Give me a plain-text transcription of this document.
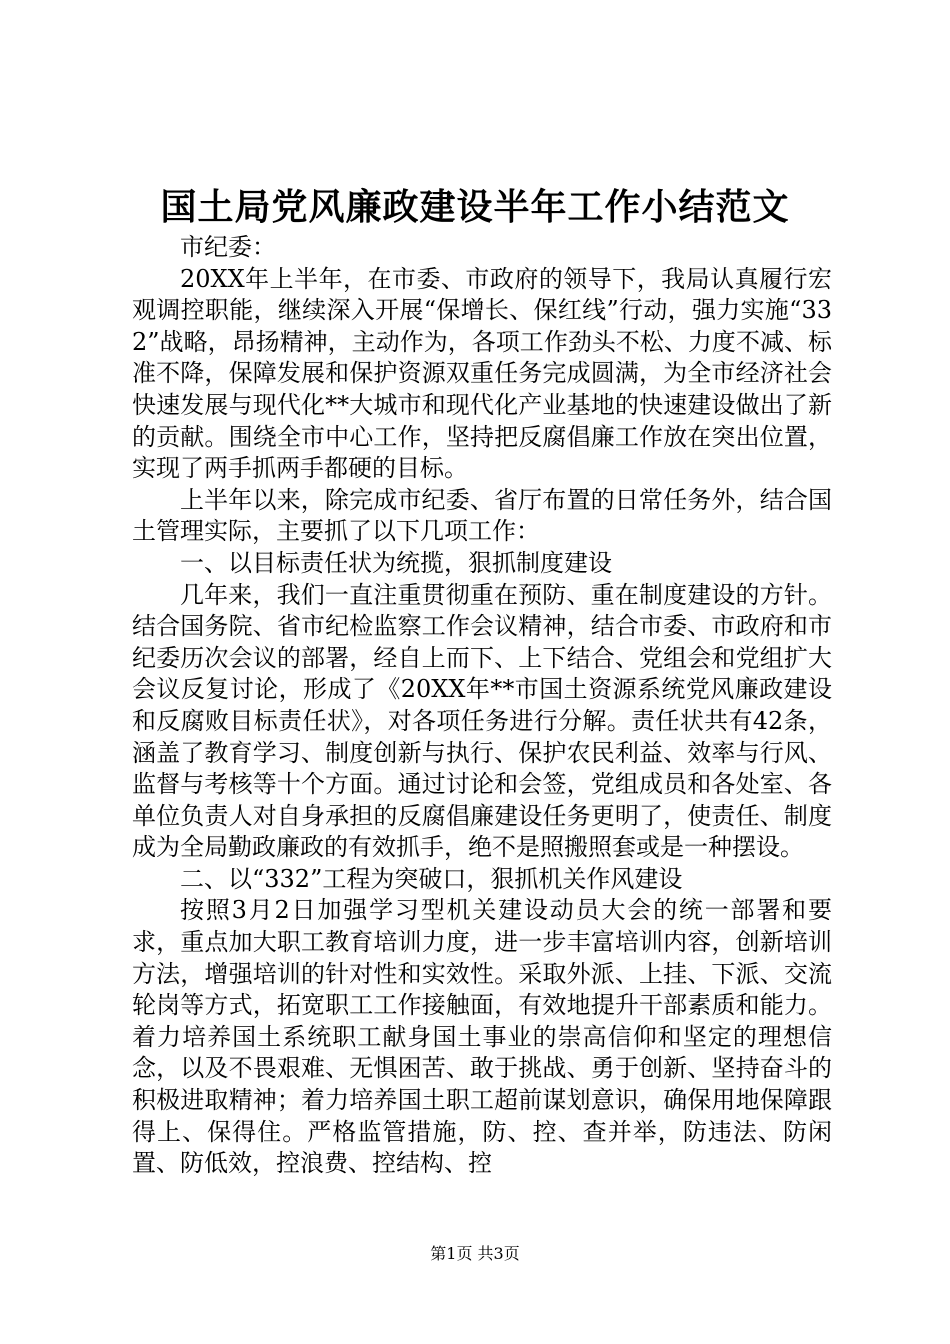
国土局党风廉政建设半年工作小结范文

市纪委：

20XX年上半年，在市委、市政府的领导下，我局认真履行宏观调控职能，继续深入开展“保增长、保红线”行动，强力实施“332”战略，昂扬精神，主动作为，各项工作劲头不松、力度不减、标准不降，保障发展和保护资源双重任务完成圆满，为全市经济社会快速发展与现代化**大城市和现代化产业基地的快速建设做出了新的贡献。围绕全市中心工作，坚持把反腐倡廉工作放在突出位置，实现了两手抓两手都硬的目标。

上半年以来，除完成市纪委、省厅布置的日常任务外，结合国土管理实际，主要抓了以下几项工作：

一、以目标责任状为统揽，狠抓制度建设

几年来，我们一直注重贯彻重在预防、重在制度建设的方针。结合国务院、省市纪检监察工作会议精神，结合市委、市政府和市纪委历次会议的部署，经自上而下、上下结合、党组会和党组扩大会议反复讨论，形成了《20XX年**市国土资源系统党风廉政建设和反腐败目标责任状》，对各项任务进行分解。责任状共有42条，涵盖了教育学习、制度创新与执行、保护农民利益、效率与行风、监督与考核等十个方面。通过讨论和会签，党组成员和各处室、各单位负责人对自身承担的反腐倡廉建设任务更明了，使责任、制度成为全局勤政廉政的有效抓手，绝不是照搬照套或是一种摆设。

二、以“332”工程为突破口，狠抓机关作风建设

按照3月2日加强学习型机关建设动员大会的统一部署和要求，重点加大职工教育培训力度，进一步丰富培训内容，创新培训方法，增强培训的针对性和实效性。采取外派、上挂、下派、交流轮岗等方式，拓宽职工工作接触面，有效地提升干部素质和能力。着力培养国土系统职工献身国土事业的崇高信仰和坚定的理想信念，以及不畏艰难、无惧困苦、敢于挑战、勇于创新、坚持奋斗的积极进取精神；着力培养国土职工超前谋划意识，确保用地保障跟得上、保得住。严格监管措施，防、控、查并举，防违法、防闲置、防低效，控浪费、控结构、控

第1页 共3页
